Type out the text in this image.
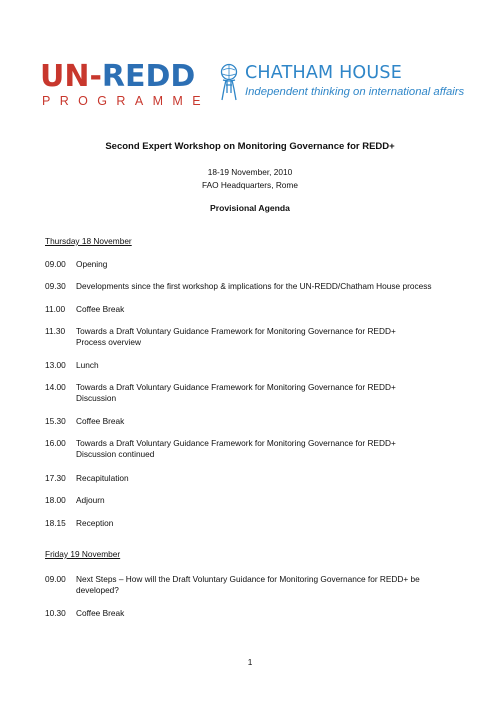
UN-REDD
PROGRAMME
CHATHAM HOUSE
Independent thinking on international affairs
Second Expert Workshop on Monitoring Governance for REDD+
18-19 November, 2010
FAO Headquarters, Rome
Provisional Agenda
Thursday 18 November
09.00	Opening
09.30	Developments since the first workshop & implications for the UN-REDD/Chatham House process
11.00	Coffee Break
11.30	Towards a Draft Voluntary Guidance Framework for Monitoring Governance for REDD+
Process overview
13.00	Lunch
14.00	Towards a Draft Voluntary Guidance Framework for Monitoring Governance for REDD+
Discussion
15.30	Coffee Break
16.00	Towards a Draft Voluntary Guidance Framework for Monitoring Governance for REDD+
Discussion continued
17.30	Recapitulation
18.00	Adjourn
18.15	Reception
Friday 19 November
09.00	Next Steps – How will the Draft Voluntary Guidance for Monitoring Governance for REDD+ be
developed?
10.30	Coffee Break
1
